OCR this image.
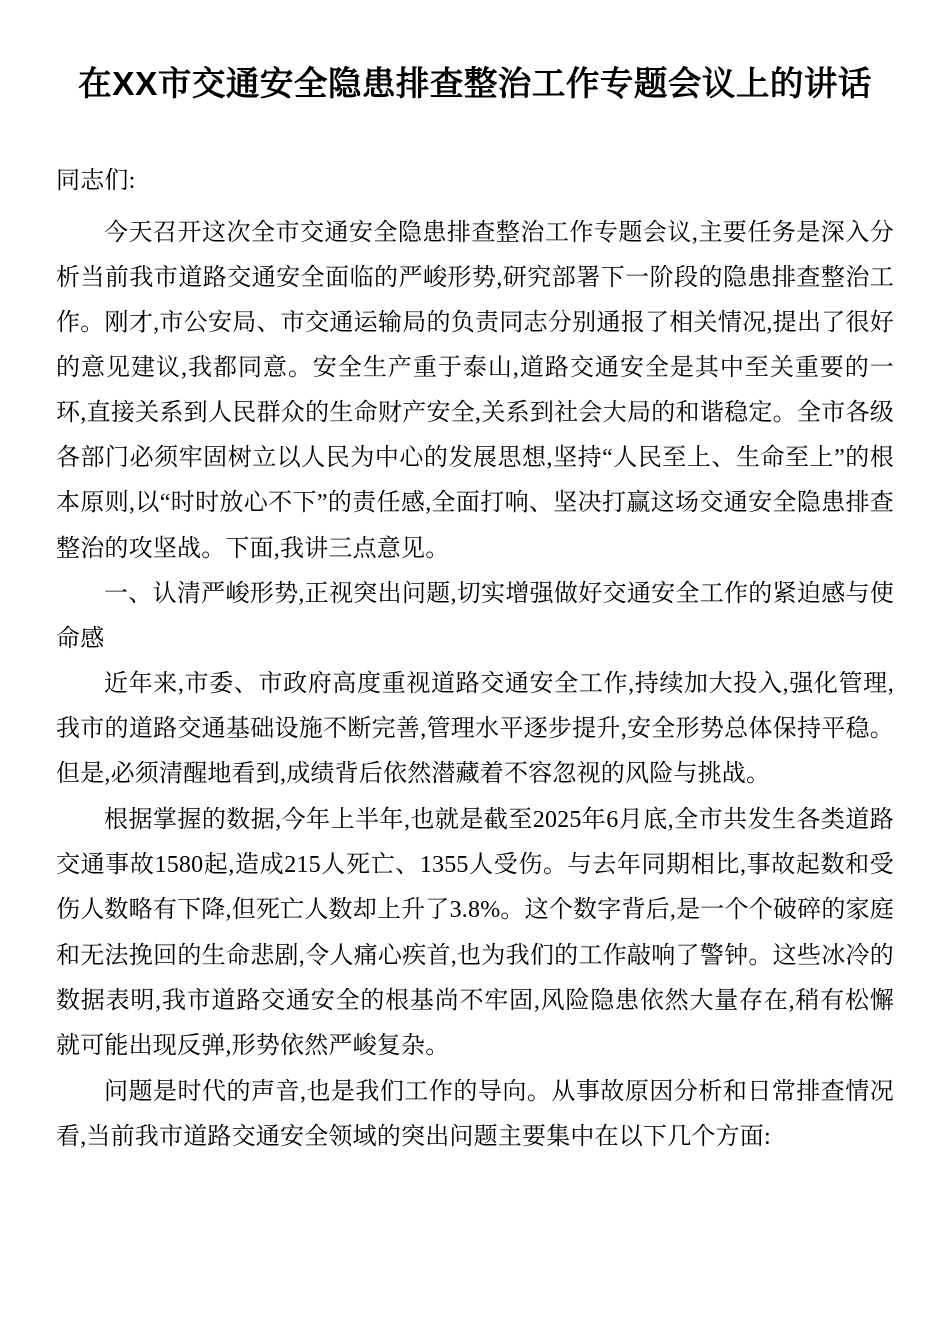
在XX市交通安全隐患排查整治工作专题会议上的讲话
同志们:

今天召开这次全市交通安全隐患排查整治工作专题会议,主要任务是深入分析当前我市道路交通安全面临的严峻形势,研究部署下一阶段的隐患排查整治工作。刚才,市公安局、市交通运输局的负责同志分别通报了相关情况,提出了很好的意见建议,我都同意。安全生产重于泰山,道路交通安全是其中至关重要的一环,直接关系到人民群众的生命财产安全,关系到社会大局的和谐稳定。全市各级各部门必须牢固树立以人民为中心的发展思想,坚持“人民至上、生命至上”的根本原则,以“时时放心不下”的责任感,全面打响、坚决打赢这场交通安全隐患排查整治的攻坚战。下面,我讲三点意见。

一、认清严峻形势,正视突出问题,切实增强做好交通安全工作的紧迫感与使命感

近年来,市委、市政府高度重视道路交通安全工作,持续加大投入,强化管理,我市的道路交通基础设施不断完善,管理水平逐步提升,安全形势总体保持平稳。但是,必须清醒地看到,成绩背后依然潜藏着不容忽视的风险与挑战。

根据掌握的数据,今年上半年,也就是截至2025年6月底,全市共发生各类道路交通事故1580起,造成215人死亡、1355人受伤。与去年同期相比,事故起数和受伤人数略有下降,但死亡人数却上升了3.8%。这个数字背后,是一个个破碎的家庭和无法挽回的生命悲剧,令人痛心疾首,也为我们的工作敲响了警钟。这些冰冷的数据表明,我市道路交通安全的根基尚不牢固,风险隐患依然大量存在,稍有松懈就可能出现反弹,形势依然严峻复杂。

问题是时代的声音,也是我们工作的导向。从事故原因分析和日常排查情况看,当前我市道路交通安全领域的突出问题主要集中在以下几个方面:
